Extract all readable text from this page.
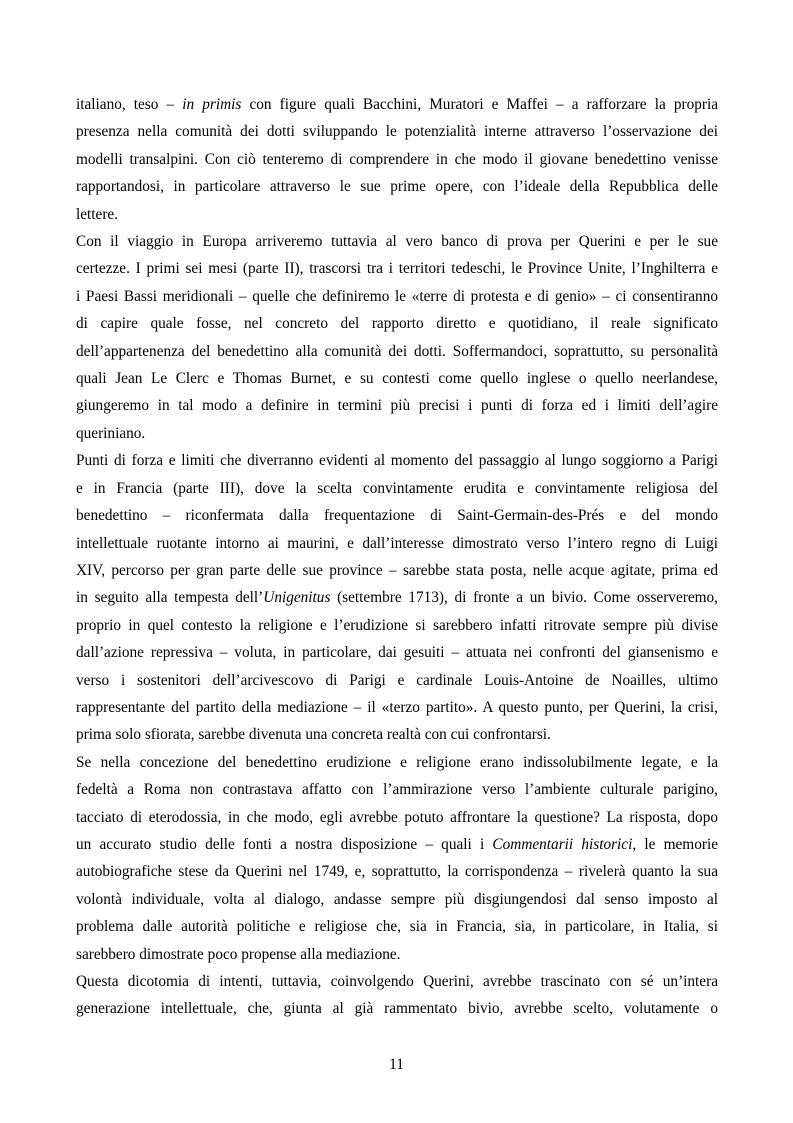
italiano, teso – in primis con figure quali Bacchini, Muratori e Maffei – a rafforzare la propria
presenza nella comunità dei dotti sviluppando le potenzialità interne attraverso l’osservazione dei
modelli transalpini. Con ciò tenteremo di comprendere in che modo il giovane benedettino venisse
rapportandosi, in particolare attraverso le sue prime opere, con l’ideale della Repubblica delle
lettere.

Con il viaggio in Europa arriveremo tuttavia al vero banco di prova per Querini e per le sue
certezze. I primi sei mesi (parte II), trascorsi tra i territori tedeschi, le Province Unite, l’Inghilterra e
i Paesi Bassi meridionali – quelle che definiremo le «terre di protesta e di genio» – ci consentiranno
di capire quale fosse, nel concreto del rapporto diretto e quotidiano, il reale significato
dell’appartenenza del benedettino alla comunità dei dotti. Soffermandoci, soprattutto, su personalità
quali Jean Le Clerc e Thomas Burnet, e su contesti come quello inglese o quello neerlandese,
giungeremo in tal modo a definire in termini più precisi i punti di forza ed i limiti dell’agire
queriniano.

Punti di forza e limiti che diverranno evidenti al momento del passaggio al lungo soggiorno a Parigi
e in Francia (parte III), dove la scelta convintamente erudita e convintamente religiosa del
benedettino – riconfermata dalla frequentazione di Saint-Germain-des-Prés e del mondo
intellettuale ruotante intorno ai maurini, e dall’interesse dimostrato verso l’intero regno di Luigi
XIV, percorso per gran parte delle sue province – sarebbe stata posta, nelle acque agitate, prima ed
in seguito alla tempesta dell’Unigenitus (settembre 1713), di fronte a un bivio. Come osserveremo,
proprio in quel contesto la religione e l’erudizione si sarebbero infatti ritrovate sempre più divise
dall’azione repressiva – voluta, in particolare, dai gesuiti – attuata nei confronti del giansenismo e
verso i sostenitori dell’arcivescovo di Parigi e cardinale Louis-Antoine de Noailles, ultimo
rappresentante del partito della mediazione – il «terzo partito». A questo punto, per Querini, la crisi,
prima solo sfiorata, sarebbe divenuta una concreta realtà con cui confrontarsi.

Se nella concezione del benedettino erudizione e religione erano indissolubilmente legate, e la
fedeltà a Roma non contrastava affatto con l’ammirazione verso l’ambiente culturale parigino,
tacciato di eterodossia, in che modo, egli avrebbe potuto affrontare la questione? La risposta, dopo
un accurato studio delle fonti a nostra disposizione – quali i Commentarii historici, le memorie
autobiografiche stese da Querini nel 1749, e, soprattutto, la corrispondenza – rivelerà quanto la sua
volontà individuale, volta al dialogo, andasse sempre più disgiungendosi dal senso imposto al
problema dalle autorità politiche e religiose che, sia in Francia, sia, in particolare, in Italia, si
sarebbero dimostrate poco propense alla mediazione.

Questa dicotomia di intenti, tuttavia, coinvolgendo Querini, avrebbe trascinato con sé un’intera
generazione intellettuale, che, giunta al già rammentato bivio, avrebbe scelto, volutamente o

11
